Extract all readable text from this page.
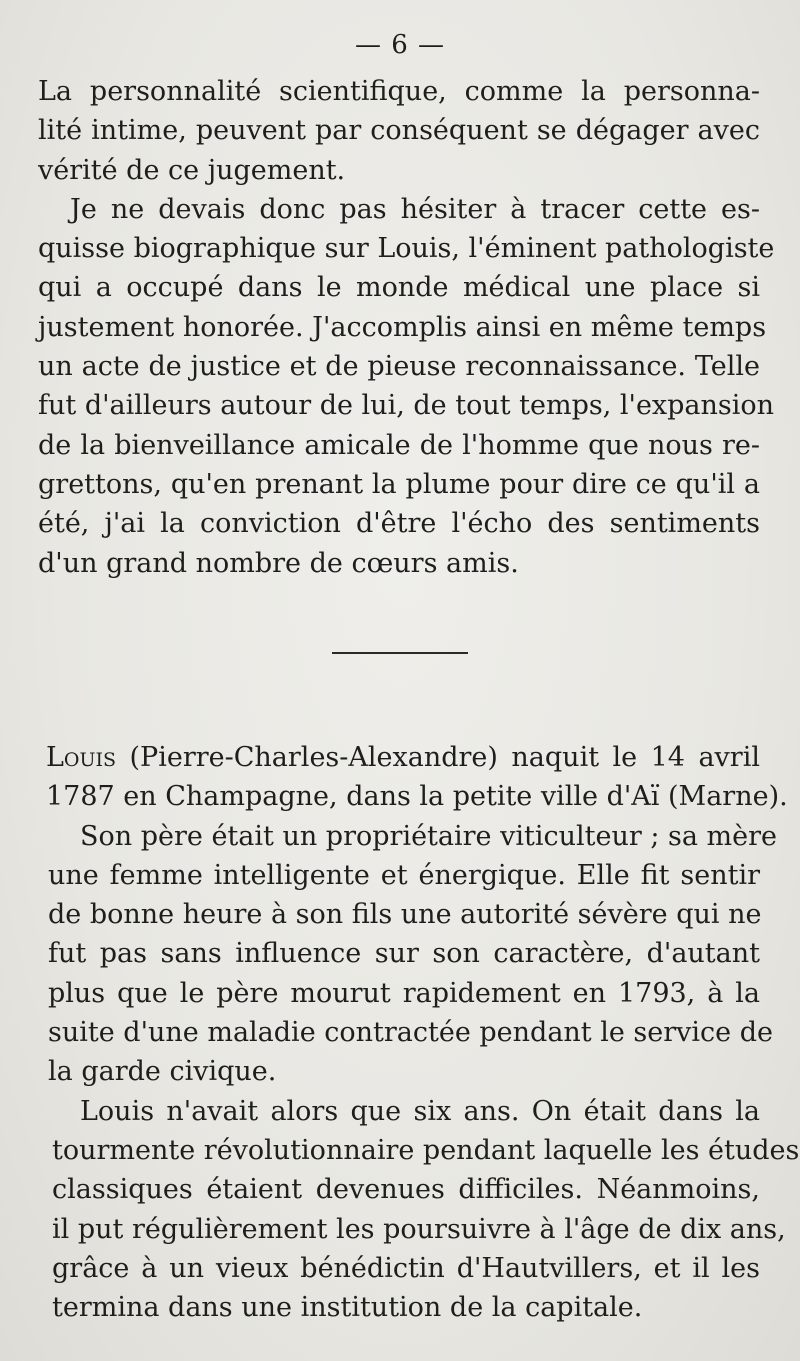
— 6 —
La personnalité scientifique, comme la personna-
lité intime, peuvent par conséquent se dégager avec
vérité de ce jugement.
Je ne devais donc pas hésiter à tracer cette es-
quisse biographique sur Louis, l'éminent pathologiste
qui a occupé dans le monde médical une place si
justement honorée. J'accomplis ainsi en même temps
un acte de justice et de pieuse reconnaissance. Telle
fut d'ailleurs autour de lui, de tout temps, l'expansion
de la bienveillance amicale de l'homme que nous re-
grettons, qu'en prenant la plume pour dire ce qu'il a
été, j'ai la conviction d'être l'écho des sentiments
d'un grand nombre de cœurs amis.
Louis (Pierre-Charles-Alexandre) naquit le 14 avril
1787 en Champagne, dans la petite ville d'Aï (Marne).
Son père était un propriétaire viticulteur ; sa mère
une femme intelligente et énergique. Elle fit sentir
de bonne heure à son fils une autorité sévère qui ne
fut pas sans influence sur son caractère, d'autant
plus que le père mourut rapidement en 1793, à la
suite d'une maladie contractée pendant le service de
la garde civique.
Louis n'avait alors que six ans. On était dans la
tourmente révolutionnaire pendant laquelle les études
classiques étaient devenues difficiles. Néanmoins,
il put régulièrement les poursuivre à l'âge de dix ans,
grâce à un vieux bénédictin d'Hautvillers, et il les
termina dans une institution de la capitale.
